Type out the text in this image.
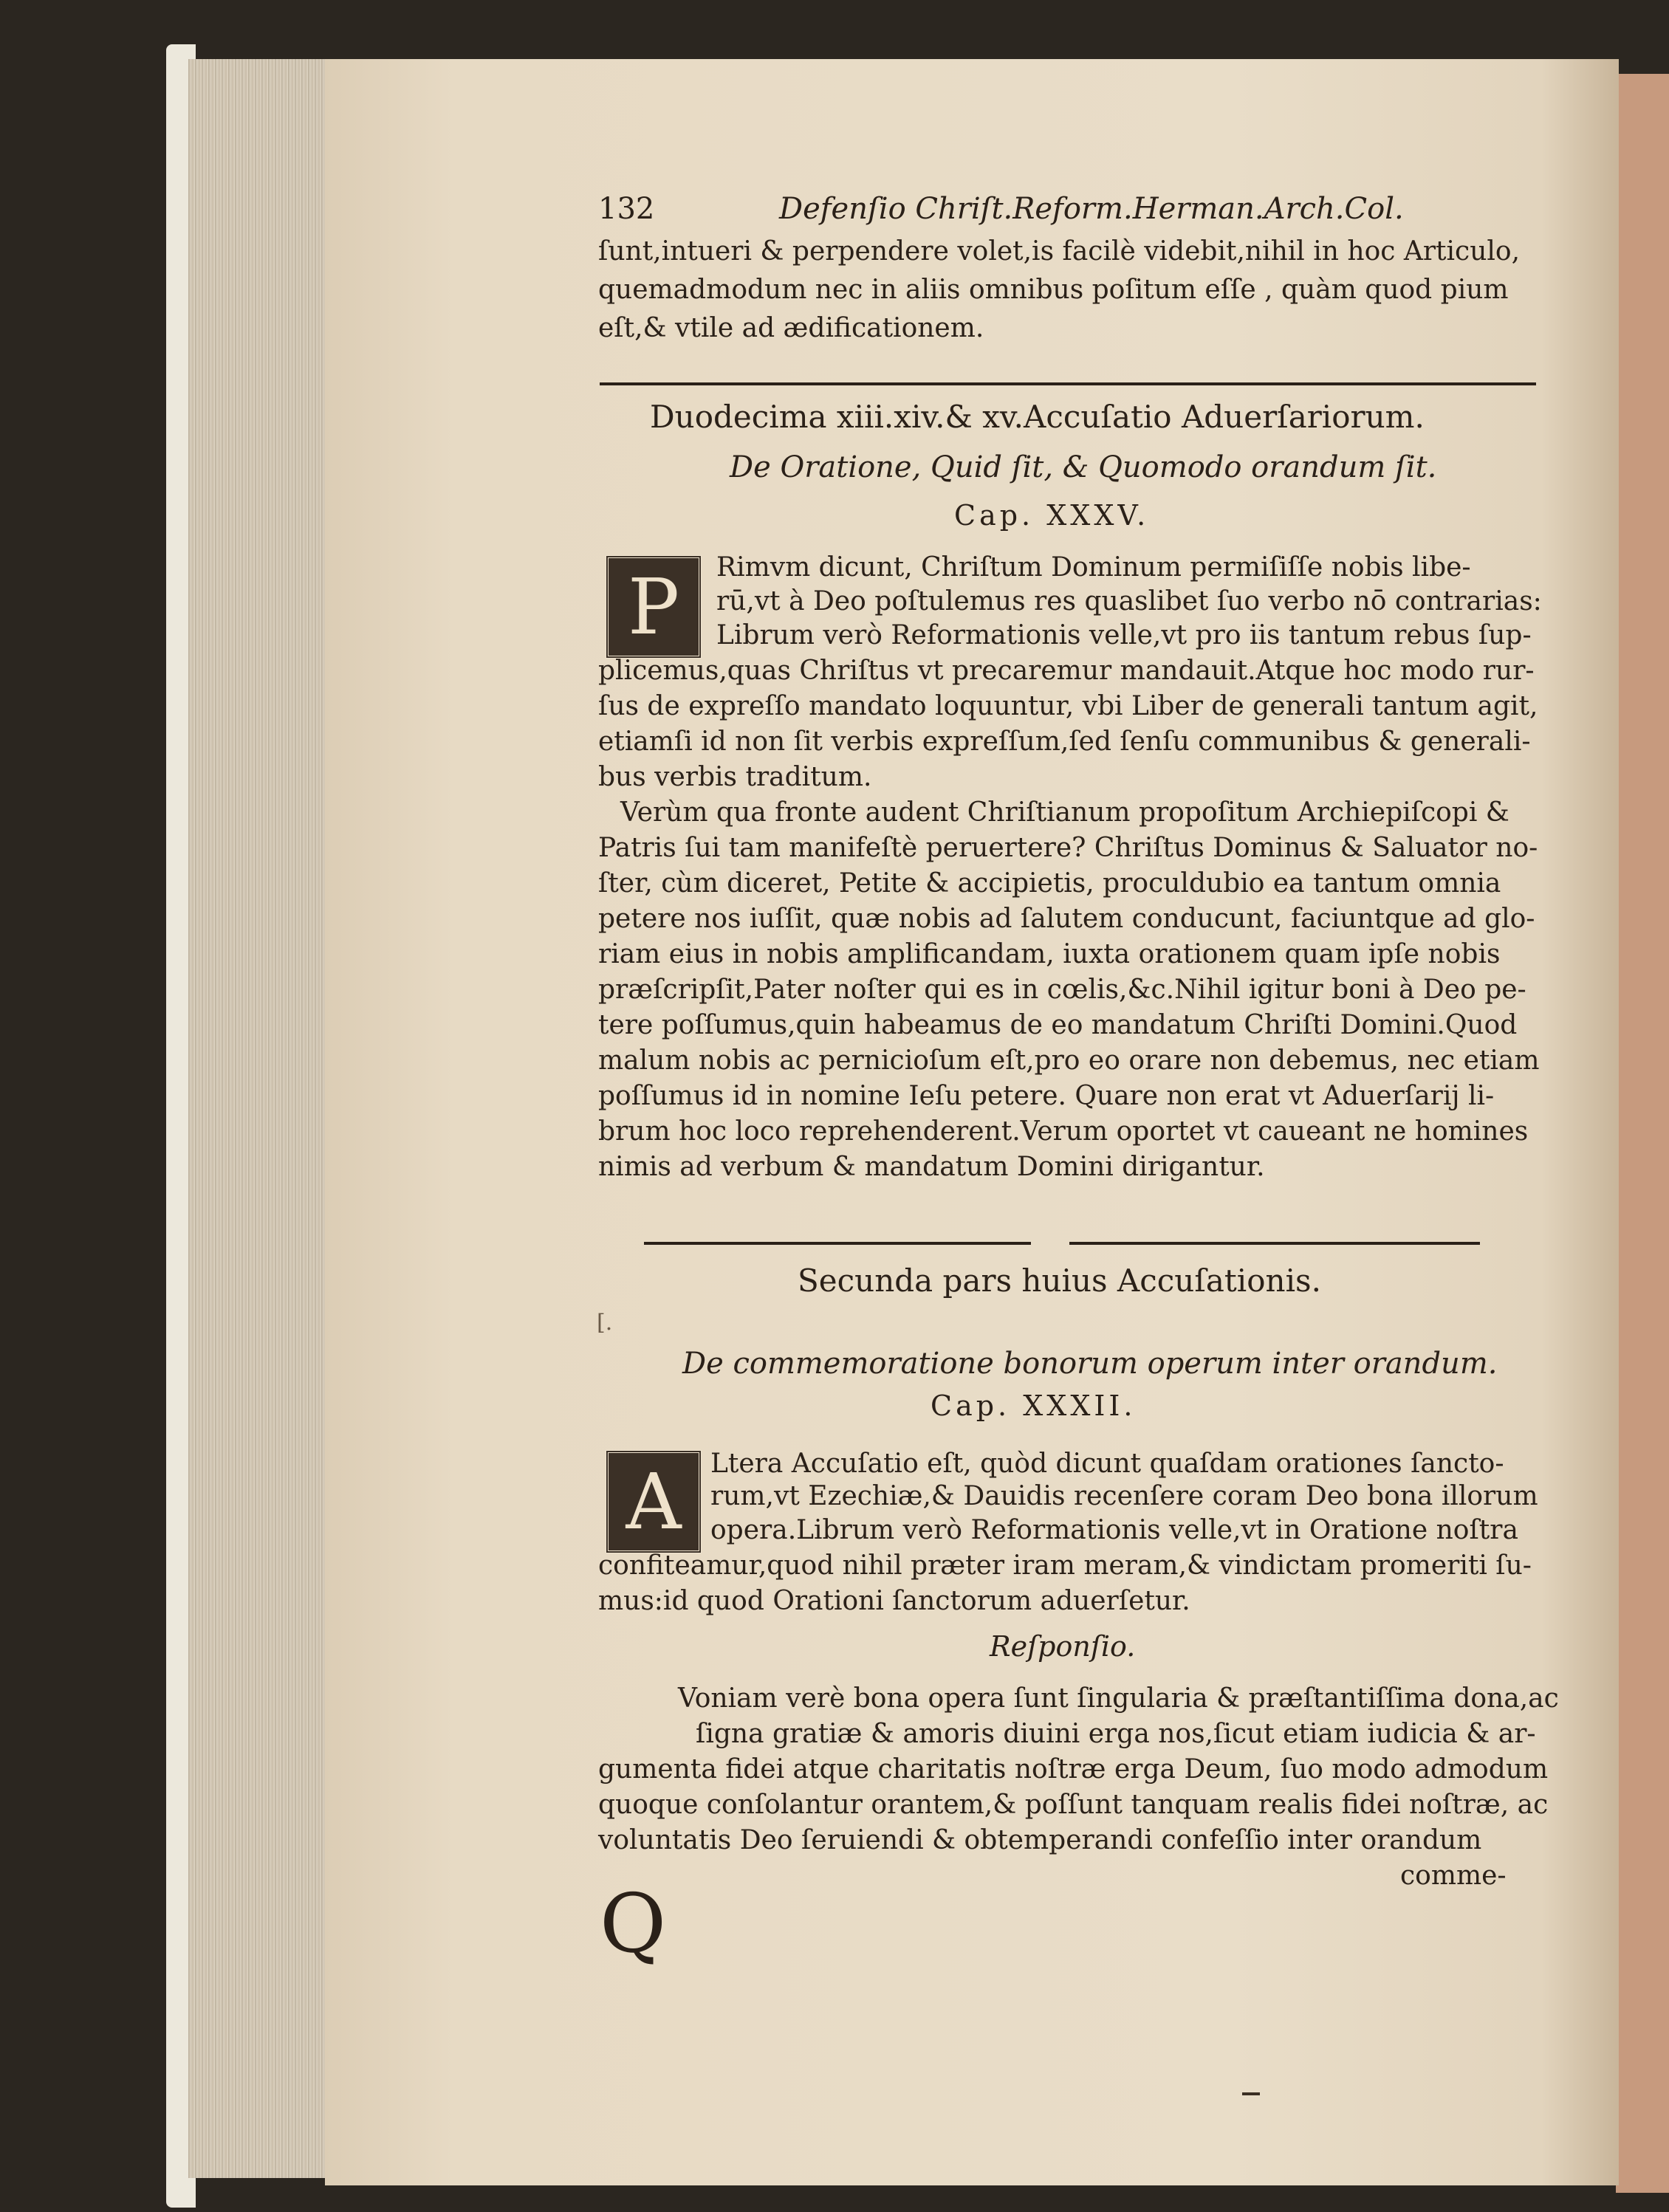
132	Defenſio Chriſt.Reform.Herman.Arch.Col.
ſunt,intueri & perpendere volet,is facilè videbit,nihil in hoc Articulo,
quemadmodum nec in aliis omnibus poſitum eſſe , quàm quod pium
eſt,& vtile ad ædificationem.
Duodecima xiii.xiv.& xv.Accuſatio Aduerſariorum.
De Oratione, Quid ſit, & Quomodo orandum ſit.
Cap. XXXV.
P	Rimvm dicunt, Chriſtum Dominum permiſiſſe nobis libe-
rū,vt à Deo poſtulemus res quaslibet ſuo verbo nō contrarias:
Librum verò Reformationis velle,vt pro iis tantum rebus ſup-
plicemus,quas Chriſtus vt precaremur mandauit.Atque hoc modo rur-
ſus de expreſſo mandato loquuntur, vbi Liber de generali tantum agit,
etiamſi id non ſit verbis expreſſum,ſed ſenſu communibus & generali-
bus verbis traditum.
Verùm qua fronte audent Chriſtianum propoſitum Archiepiſcopi &
Patris ſui tam manifeſtè peruertere? Chriſtus Dominus & Saluator no-
ſter, cùm diceret, Petite & accipietis, proculdubio ea tantum omnia
petere nos iuſſit, quæ nobis ad ſalutem conducunt, faciuntque ad glo-
riam eius in nobis amplificandam, iuxta orationem quam ipſe nobis
præſcripſit,Pater noſter qui es in cœlis,&c.Nihil igitur boni à Deo pe-
tere poſſumus,quin habeamus de eo mandatum Chriſti Domini.Quod
malum nobis ac pernicioſum eſt,pro eo orare non debemus, nec etiam
poſſumus id in nomine Ieſu petere. Quare non erat vt Aduerſarij li-
brum hoc loco reprehenderent.Verum oportet vt caueant ne homines
nimis ad verbum & mandatum Domini dirigantur.
Secunda pars huius Accuſationis.
[.
De commemoratione bonorum operum inter orandum.
Cap. XXXII.
A	Ltera Accuſatio eſt, quòd dicunt quaſdam orationes ſancto-
rum,vt Ezechiæ,& Dauidis recenſere coram Deo bona illorum
opera.Librum verò Reformationis velle,vt in Oratione noſtra
confiteamur,quod nihil præter iram meram,& vindictam promeriti ſu-
mus:id quod Orationi ſanctorum aduerſetur.
Reſponſio.
Q
Voniam verè bona opera ſunt ſingularia & præſtantiſſima dona,ac
ſigna gratiæ & amoris diuini erga nos,ſicut etiam iudicia & ar-
gumenta fidei atque charitatis noſtræ erga Deum, ſuo modo admodum
quoque conſolantur orantem,& poſſunt tanquam realis fidei noſtræ, ac
voluntatis Deo ſeruiendi & obtemperandi confeſſio inter orandum
comme-
